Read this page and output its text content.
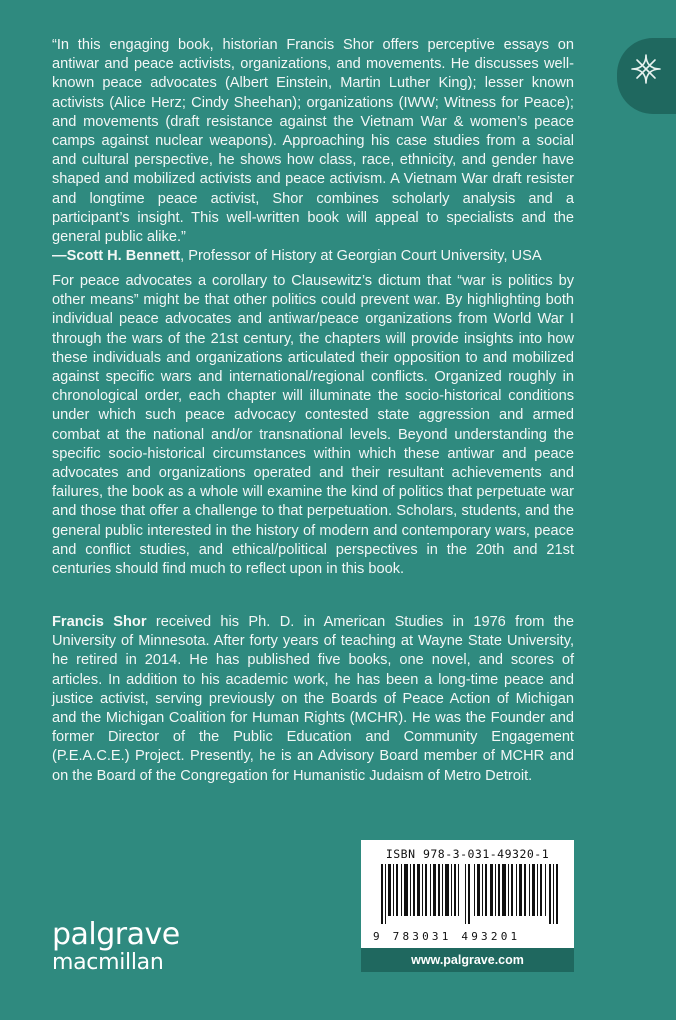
“In this engaging book, historian Francis Shor offers perceptive essays on antiwar and peace activists, organizations, and movements. He discusses well-known peace advocates (Albert Einstein, Martin Luther King); lesser known activists (Alice Herz; Cindy Sheehan); organizations (IWW; Witness for Peace); and movements (draft resistance against the Vietnam War & women’s peace camps against nuclear weapons). Approaching his case studies from a social and cultural perspective, he shows how class, race, ethnicity, and gender have shaped and mobilized activists and peace activism. A Vietnam War draft resister and longtime peace activist, Shor combines scholarly analysis and a participant’s insight. This well-written book will appeal to specialists and the general public alike.”
—Scott H. Bennett, Professor of History at Georgian Court University, USA
For peace advocates a corollary to Clausewitz’s dictum that “war is politics by other means” might be that other politics could prevent war. By highlighting both individual peace advocates and antiwar/peace organizations from World War I through the wars of the 21st century, the chapters will provide insights into how these individuals and organizations articulated their opposition to and mobilized against specific wars and international/regional conflicts. Organized roughly in chronological order, each chapter will illuminate the socio-historical conditions under which such peace advocacy contested state aggression and armed combat at the national and/or transnational levels. Beyond understanding the specific socio-historical circumstances within which these antiwar and peace advocates and organizations operated and their resultant achievements and failures, the book as a whole will examine the kind of politics that perpetuate war and those that offer a challenge to that perpetuation. Scholars, students, and the general public interested in the history of modern and contemporary wars, peace and conflict studies, and ethical/political perspectives in the 20th and 21st centuries should find much to reflect upon in this book.
Francis Shor received his Ph. D. in American Studies in 1976 from the University of Minnesota. After forty years of teaching at Wayne State University, he retired in 2014. He has published five books, one novel, and scores of articles. In addition to his academic work, he has been a long-time peace and justice activist, serving previously on the Boards of Peace Action of Michigan and the Michigan Coalition for Human Rights (MCHR). He was the Founder and former Director of the Public Education and Community Engagement (P.E.A.C.E.) Project. Presently, he is an Advisory Board member of MCHR and on the Board of the Congregation for Humanistic Judaism of Metro Detroit.
palgrave
macmillan
ISBN 978-3-031-49320-1
9 783031 493201
www.palgrave.com
